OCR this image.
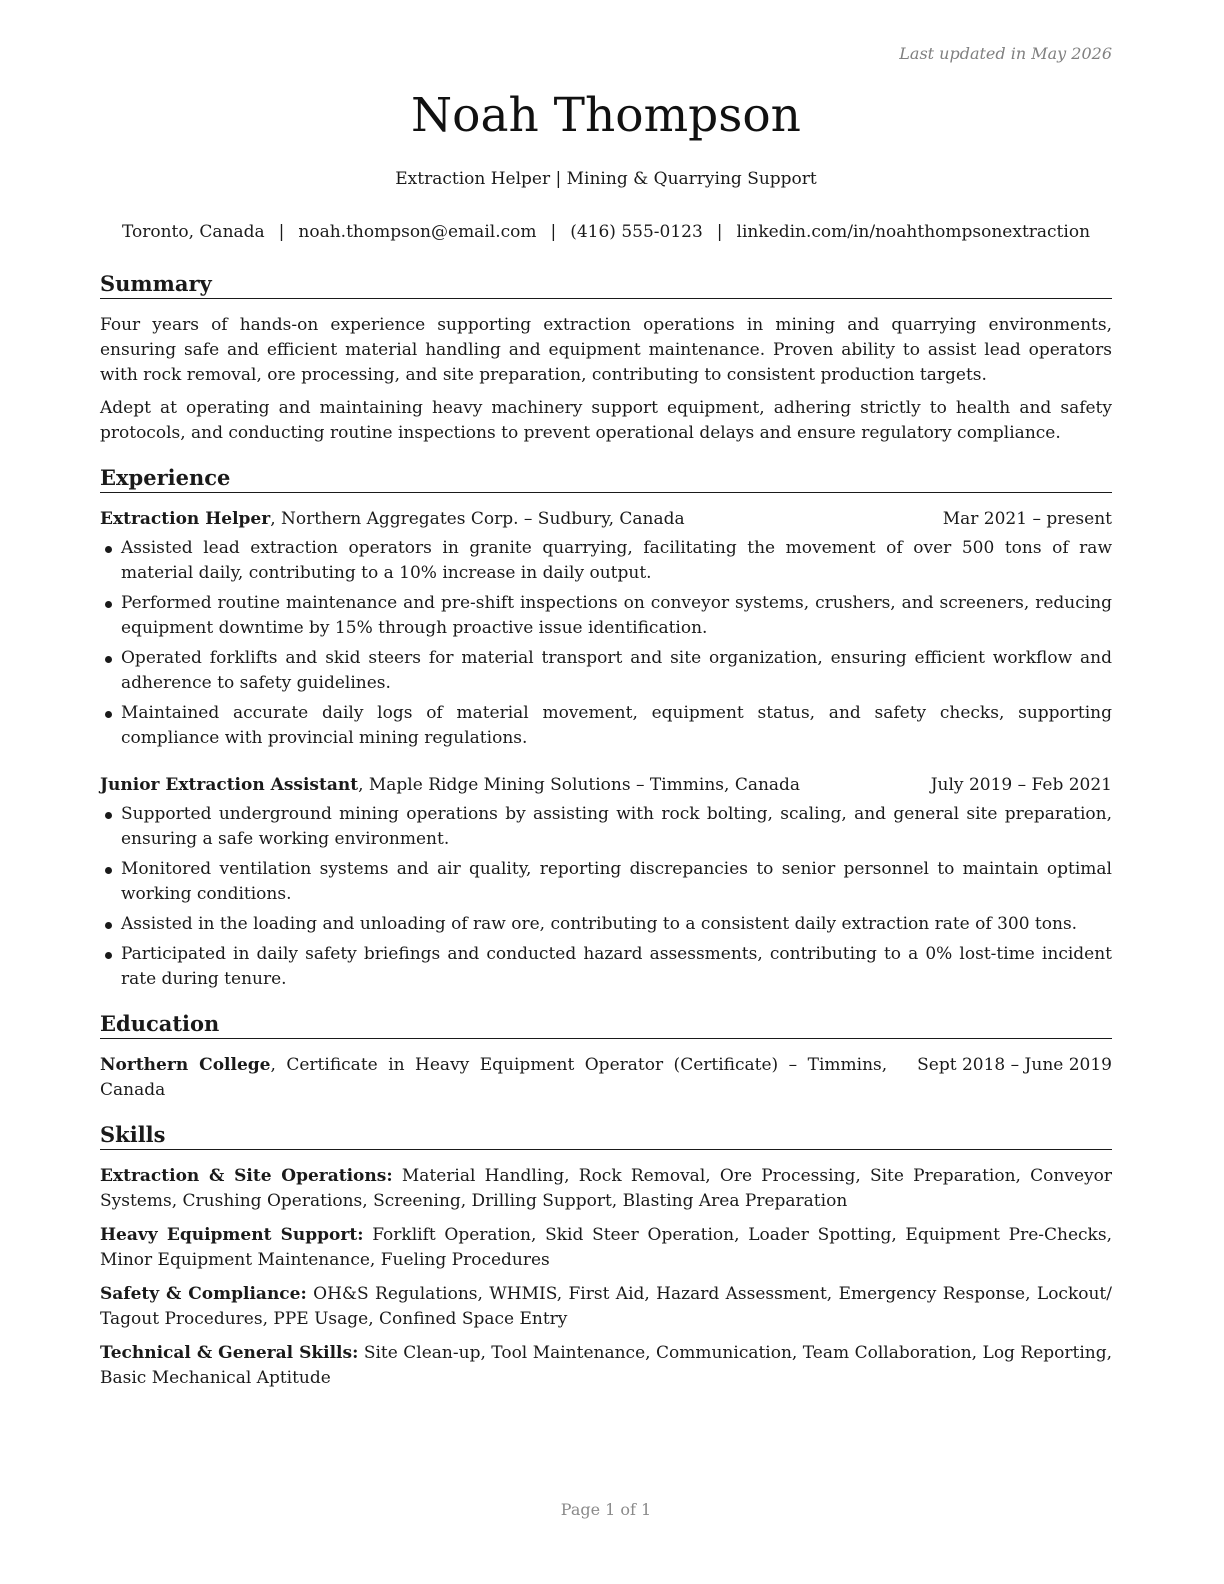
Last updated in May 2026
Noah Thompson
Extraction Helper | Mining & Quarrying Support
Toronto, Canada | noah.thompson@email.com | (416) 555-0123 | linkedin.com/in/noahthompsonextraction
Summary

Four years of hands-on experience supporting extraction operations in mining and quarrying environments, ensuring safe and efficient material handling and equipment maintenance. Proven ability to assist lead operators with rock removal, ore processing, and site preparation, contributing to consistent production targets.

Adept at operating and maintaining heavy machinery support equipment, adhering strictly to health and safety protocols, and conducting routine inspections to prevent operational delays and ensure regulatory compliance.

Experience
Extraction Helper, Northern Aggregates Corp. – Sudbury, Canada	Mar 2021 – present
Assisted lead extraction operators in granite quarrying, facilitating the movement of over 500 tons of raw material daily, contributing to a 10% increase in daily output.
Performed routine maintenance and pre-shift inspections on conveyor systems, crushers, and screeners, reducing equipment downtime by 15% through proactive issue identification.
Operated forklifts and skid steers for material transport and site organization, ensuring efficient workflow and adherence to safety guidelines.
Maintained accurate daily logs of material movement, equipment status, and safety checks, supporting compliance with provincial mining regulations.
Junior Extraction Assistant, Maple Ridge Mining Solutions – Timmins, Canada	July 2019 – Feb 2021
Supported underground mining operations by assisting with rock bolting, scaling, and general site preparation, ensuring a safe working environment.
Monitored ventilation systems and air quality, reporting discrepancies to senior personnel to maintain optimal working conditions.
Assisted in the loading and unloading of raw ore, contributing to a consistent daily extraction rate of 300 tons.
Participated in daily safety briefings and conducted hazard assessments, contributing to a 0% lost-time incident rate during tenure.
Education
Northern College, Certificate in Heavy Equipment Operator (Certificate) – Timmins, Canada
Sept 2018 – June 2019
Skills
Extraction & Site Operations: Material Handling, Rock Removal, Ore Processing, Site Preparation, Conveyor Systems, Crushing Operations, Screening, Drilling Support, Blasting Area Preparation
Heavy Equipment Support: Forklift Operation, Skid Steer Operation, Loader Spotting, Equipment Pre-Checks, Minor Equipment Maintenance, Fueling Procedures
Safety & Compliance: OH&S Regulations, WHMIS, First Aid, Hazard Assessment, Emergency Response, Lockout/ Tagout Procedures, PPE Usage, Confined Space Entry
Technical & General Skills: Site Clean-up, Tool Maintenance, Communication, Team Collaboration, Log Reporting, Basic Mechanical Aptitude
Page 1 of 1
